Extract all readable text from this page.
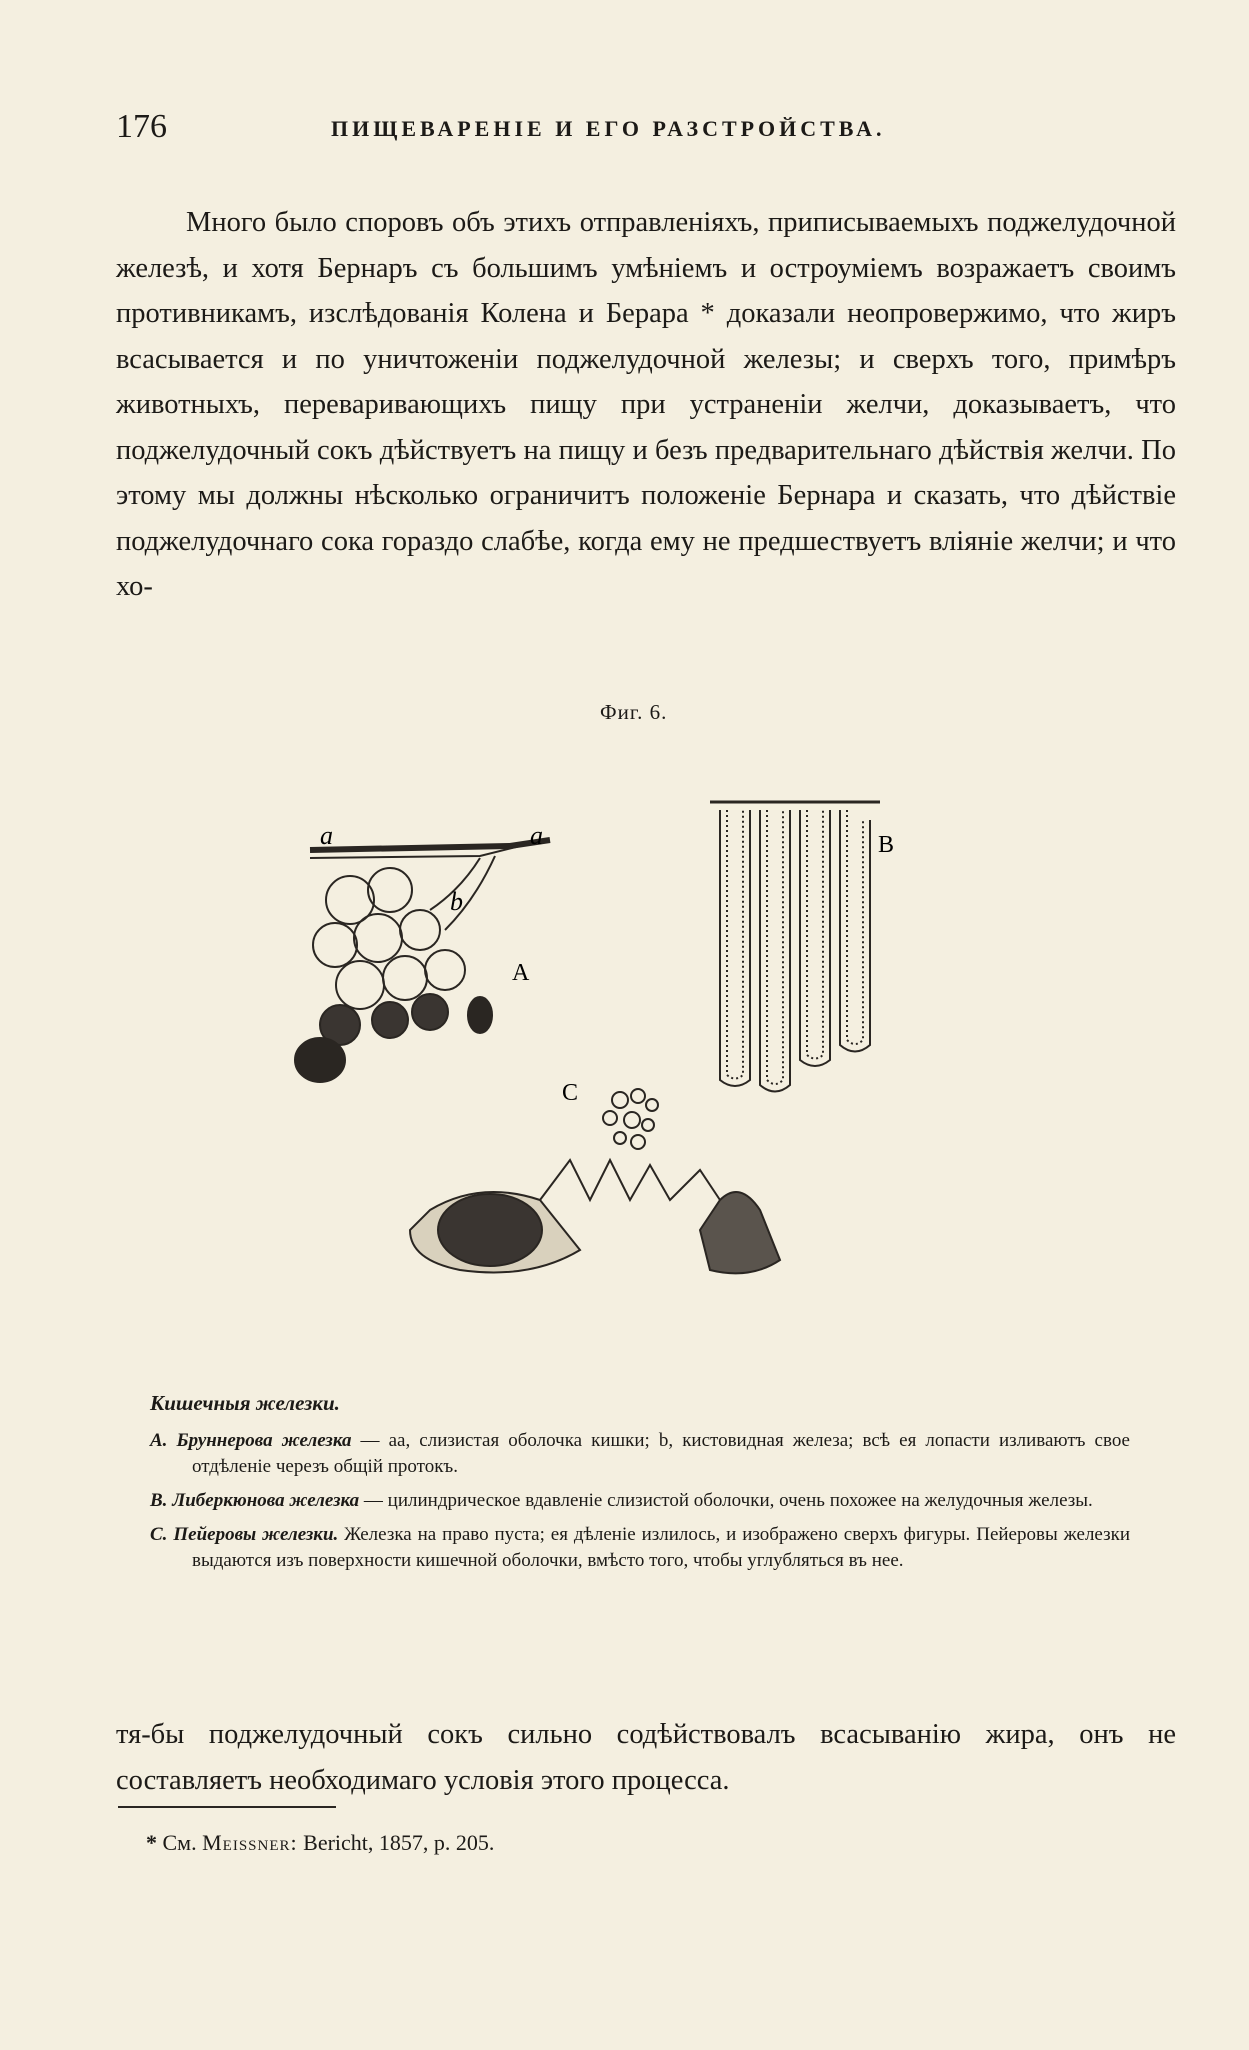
176	ПИЩЕВАРЕНІЕ И ЕГО РАЗСТРОЙСТВА.

Много было споровъ объ этихъ отправленіяхъ, приписываемыхъ поджелудочной железѣ, и хотя Бернаръ съ большимъ умѣніемъ и остроуміемъ возражаетъ своимъ противникамъ, изслѣдованія Колена и Берара * доказали неопровержимо, что жиръ всасывается и по уничтоженіи поджелудочной железы; и сверхъ того, примѣръ животныхъ, переваривающихъ пищу при устраненіи желчи, доказываетъ, что поджелудочный сокъ дѣйствуетъ на пищу и безъ предварительнаго дѣйствія желчи. По этому мы должны нѣсколько ограничитъ положеніе Бернара и сказать, что дѣйствіе поджелудочнаго сока гораздо слабѣе, когда ему не предшествуетъ вліяніе желчи; и что хо-

Фиг. 6.
a	a
b
A
B
C
Кишечныя железки.

A. Бруннерова железка — aa, слизистая оболочка кишки; b, кистовидная железа; всѣ ея лопасти изливаютъ свое отдѣленіе черезъ общій протокъ.

B. Либеркюнова железка — цилиндрическое вдавленіе слизистой оболочки, очень похожее на желудочныя железы.

C. Пейеровы железки. Железка на право пуста; ея дѣленіе излилось, и изображено сверхъ фигуры. Пейеровы железки выдаются изъ поверхности кишечной оболочки, вмѣсто того, чтобы углубляться въ нее.

тя-бы поджелудочный сокъ сильно содѣйствовалъ всасыванію жира, онъ не составляетъ необходимаго условія этого процесса.

* См. Meissner: Bericht, 1857, p. 205.
